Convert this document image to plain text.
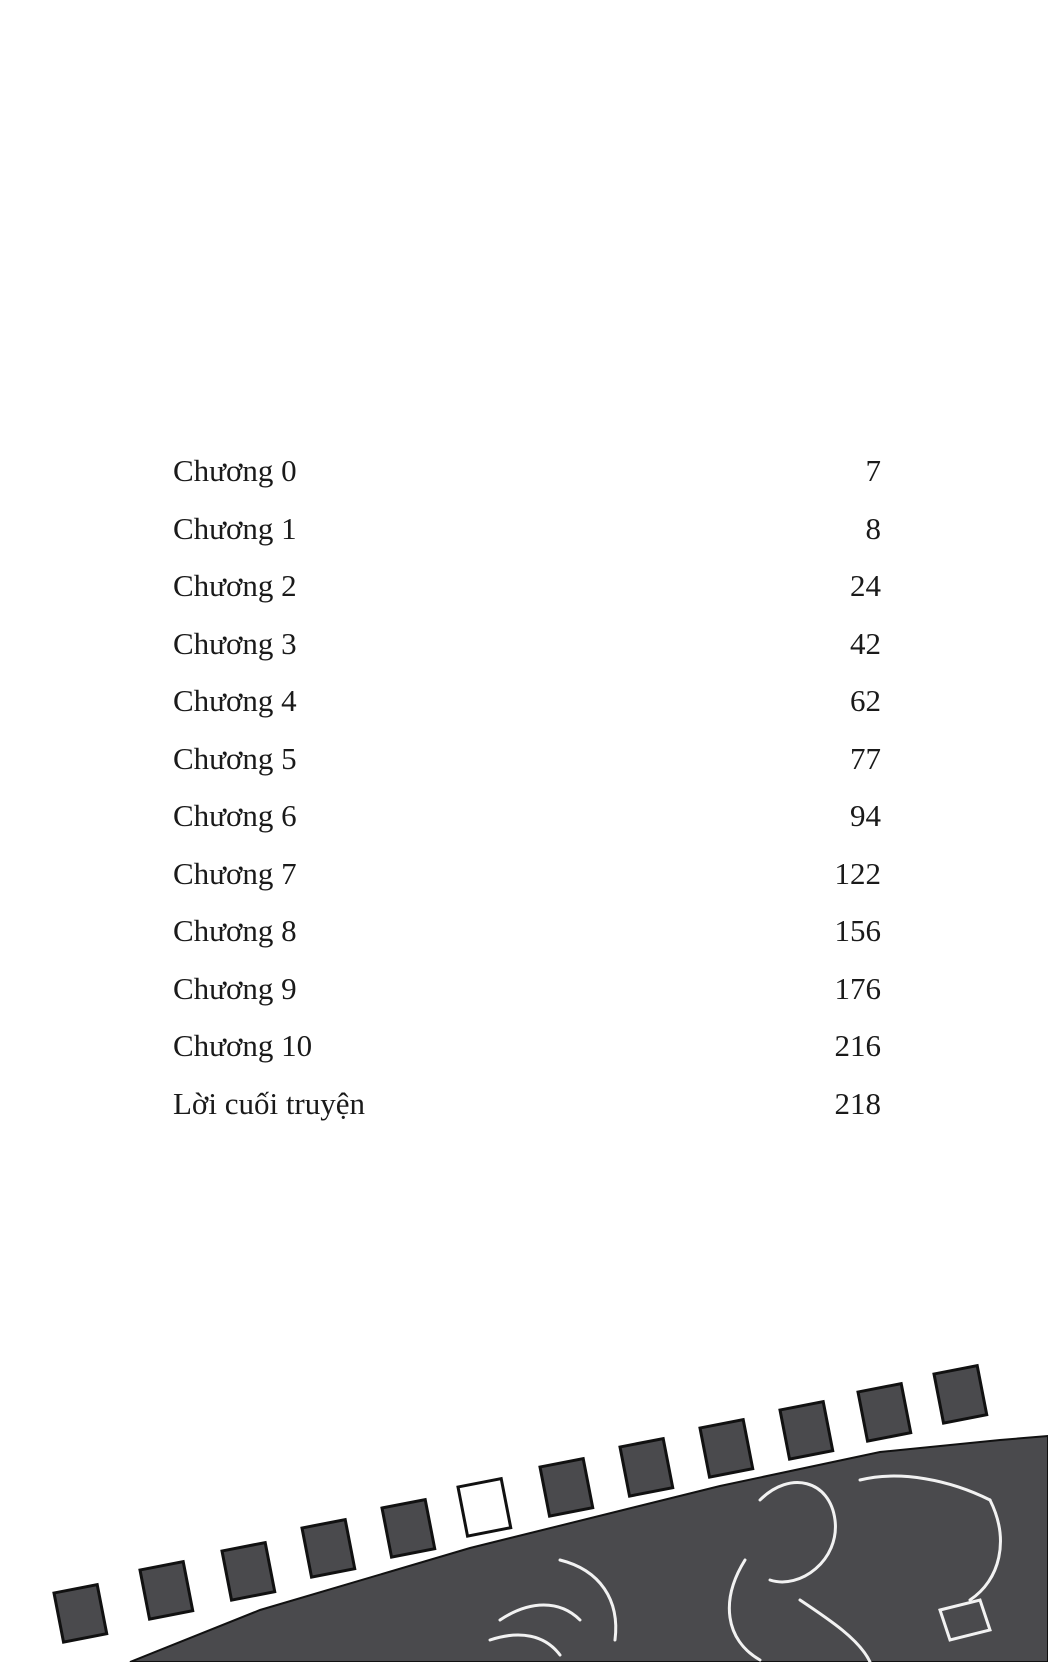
Chương 0	7
Chương 1	8
Chương 2	24
Chương 3	42
Chương 4	62
Chương 5	77
Chương 6	94
Chương 7	122
Chương 8	156
Chương 9	176
Chương 10	216
Lời cuối truyện	218
